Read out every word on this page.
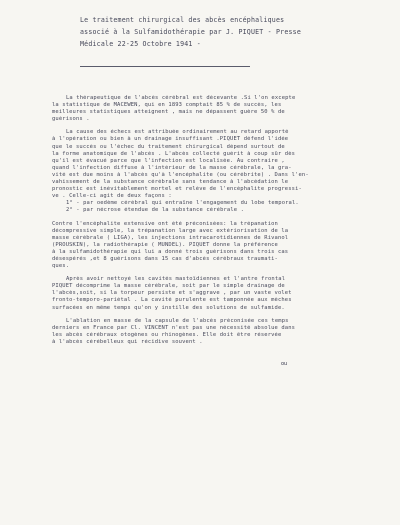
Le traitement chirurgical des abcès encéphaliques
associé à la Sulfamidothérapie par J. PIQUET - Presse
Médicale 22-25 Octobre 1941 -
La thérapeutique de l'abcès cérébral est décevante .Si l'on excepte
la statistique de MACEWEN, qui en 1893 comptait 85 % de succès, les
meilleures statistiques atteignent , mais ne dépassent guère 50 % de
guérisons .
La cause des échecs est attribuée ordinairement au retard apporté
à l'opération ou bien à un drainage insuffisant .PIQUET défend l'idée
que le succès ou l'échec du traitement chirurgical dépend surtout de
la forme anatomique de l'abcès . L'abcès collecté guérit à coup sûr dès
qu'il est évacué parce que l'infection est localisée. Au contraire ,
quand l'infection diffuse à l'intérieur de la masse cérébrale, la gra-
vité est due moins à l'abcès qu'à l'encéphalite (ou cérébrite) . Dans l'en-
vahissement de la substance cérébrale sans tendance à l'abcédation le
pronostic est inévitablement mortel et relève de l'encéphalite progressi-
ve . Celle-ci agit de deux façons :
1° - par oedème cérébral qui entraîne l'engagement du lobe temporal.
2° - par nécrose étendue de la substance cérébrale .
Contre l'encéphalite extensive ont été préconisées: la trépanation
décompressive simple, la trépanation large avec extériorisation de la
masse cérébrale ( LIGA), les injections intracarotidiennes de Rivanol
(PROUSKIN), la radiothérapie ( MUNDEL). PIQUET donne la préférence
à la sulfamidothérapie qui lui a donné trois guérisons dans trois cas
désespérés ,et 8 guérisons dans 15 cas d'abcès cérébraux traumati-
ques.
Après avoir nettoyé les cavités mastoïdiennes et l'antre frontal
PIQUET décomprime la masse cérébrale, soit par le simple drainage de
l'abcès,soit, si la torpeur persiste et s'aggrave , par un vaste volet
fronto-temporo-pariétal . La cavité purulente est tamponnée aux mèches
surfacées en même temps qu'on y instille des solutions de sulfamide.
L'ablation en masse de la capsule de l'abcès préconisée ces temps
derniers en France par Cl. VINCENT n'est pas une nécessité absolue dans
les abcès cérébraux otogènes ou rhinogènes. Elle doit être réservée
à l'abcès cérébelleux qui récidive souvent .
ou
